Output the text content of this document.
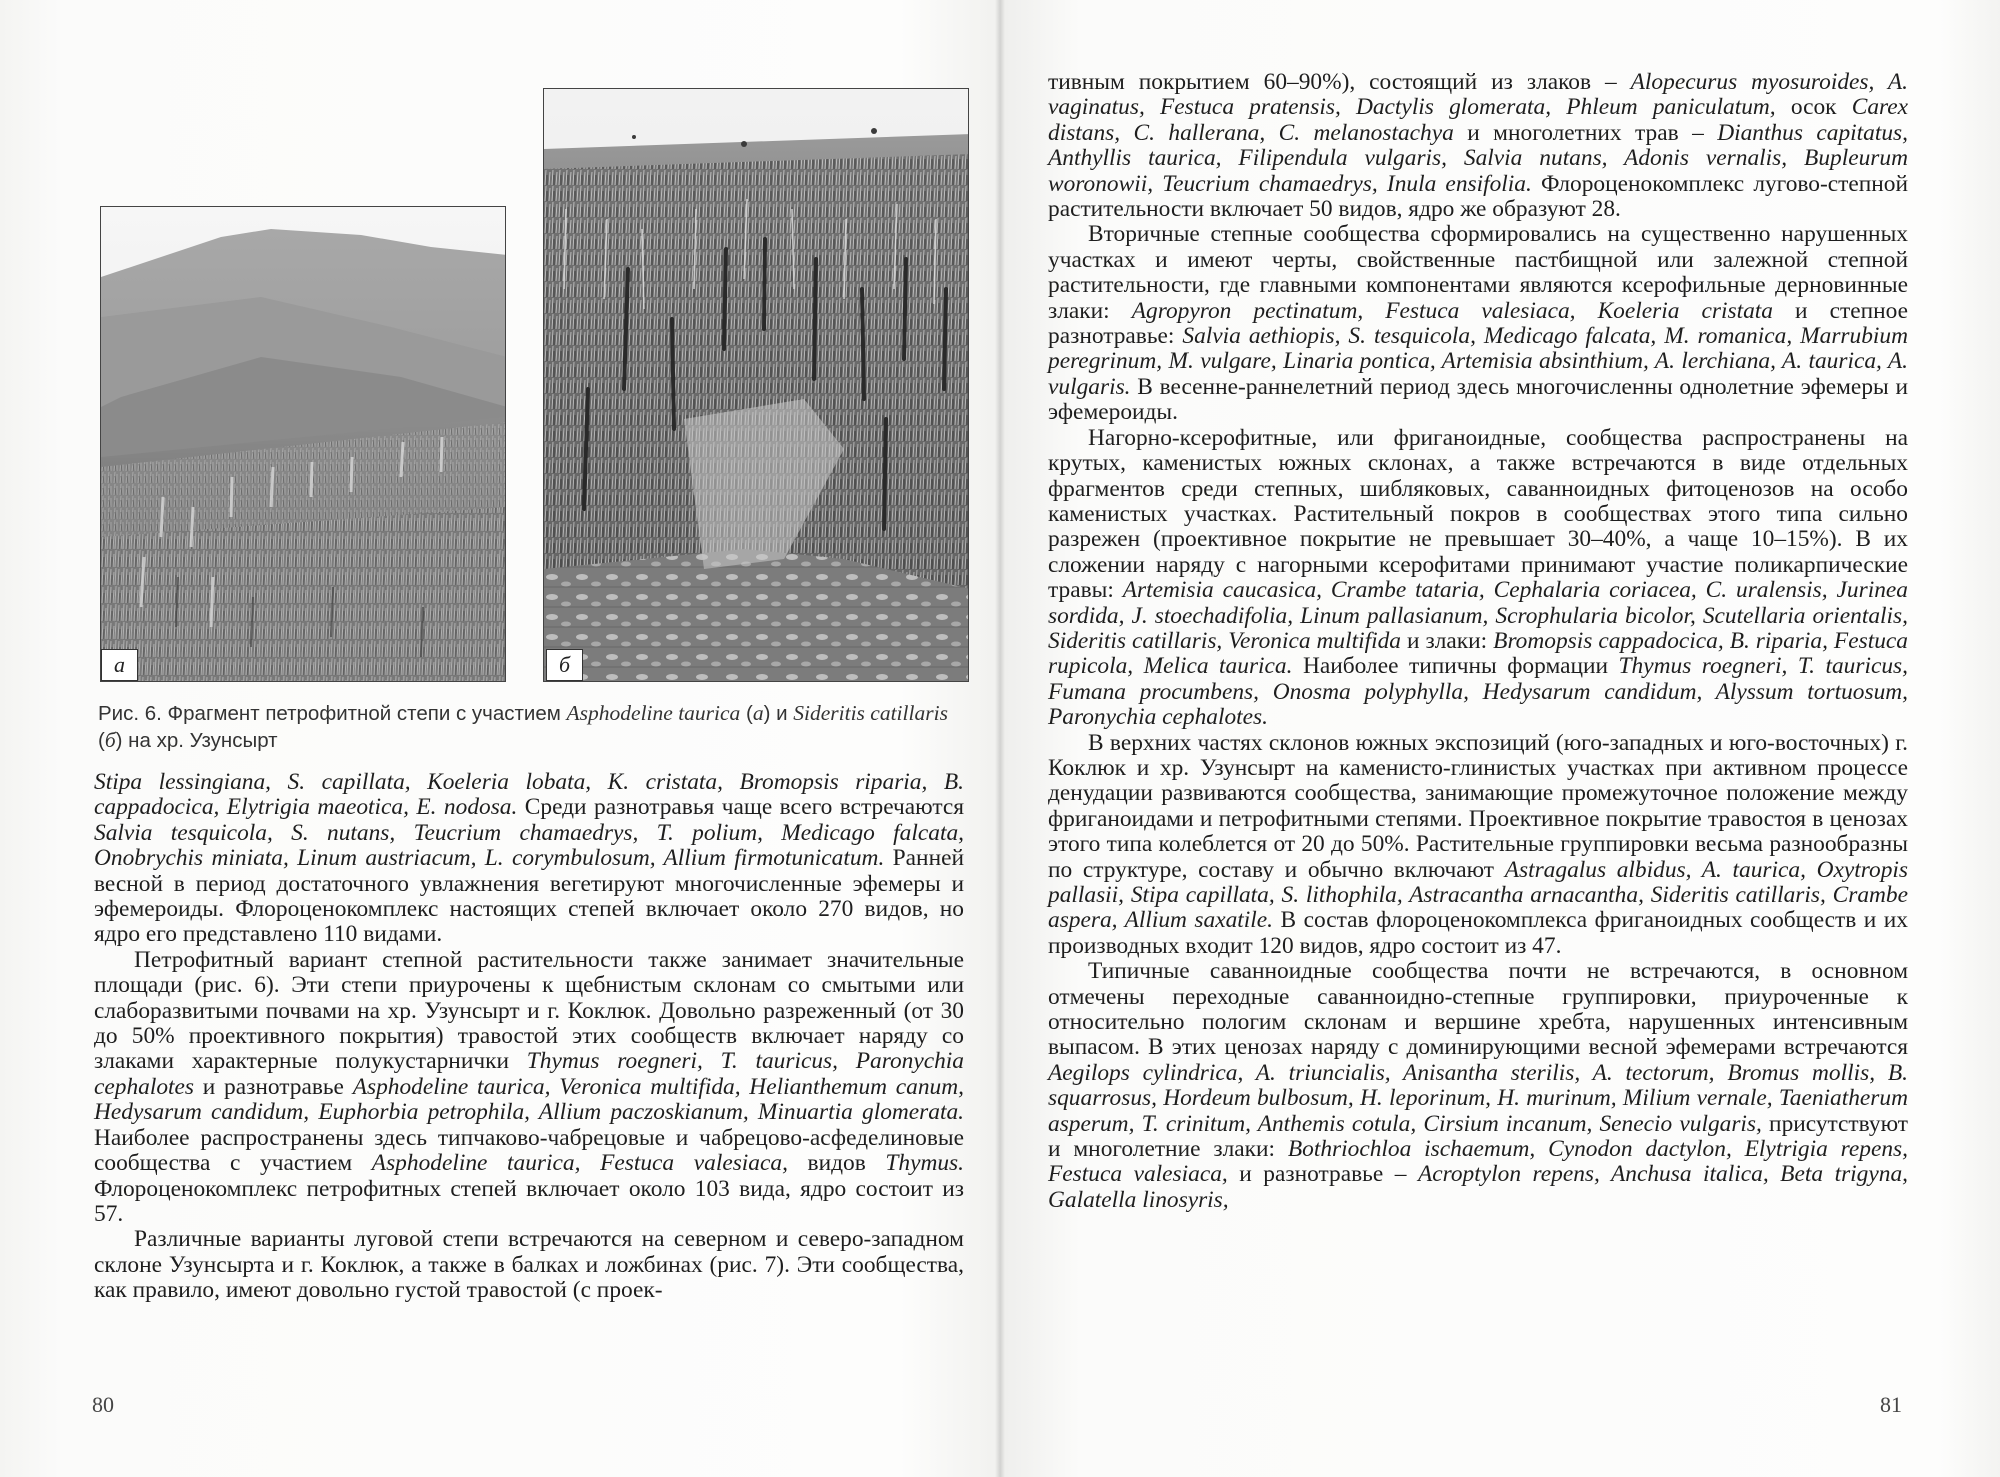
а	б
Рис. 6. Фрагмент петрофитной степи с участием Asphodeline taurica (а) и Sideritis catillaris (б) на хр. Узунсырт

Stipa lessingiana, S. capillata, Koeleria lobata, K. cristata, Bromopsis riparia, B. cappadocica, Elytrigia maeotica, E. nodosa. Среди разнотравья чаще всего встречаются Salvia tesquicola, S. nutans, Teucrium chamaedrys, T. polium, Medicago falcata, Onobrychis miniata, Linum austriacum, L. corymbulosum, Allium firmotunicatum. Ранней весной в период достаточного увлажнения вегетируют многочисленные эфемеры и эфемероиды. Флороценокомплекс настоящих степей включает около 270 видов, но ядро его представлено 110 видами.

Петрофитный вариант степной растительности также занимает значительные площади (рис. 6). Эти степи приурочены к щебнистым склонам со смытыми или слаборазвитыми почвами на хр. Узунсырт и г. Коклюк. Довольно разреженный (от 30 до 50% проективного покрытия) травостой этих сообществ включает наряду со злаками характерные полукустарнички Thymus roegneri, T. tauricus, Paronychia cephalotes и разнотравье Asphodeline taurica, Veronica multifida, Helianthemum canum, Hedysarum candidum, Euphorbia petrophila, Allium paczoskianum, Minuartia glomerata. Наиболее распространены здесь типчаково-чабрецовые и чабрецово-асфеделиновые сообщества с участием Asphodeline taurica, Festuca valesiaca, видов Thymus. Флороценокомплекс петрофитных степей включает около 103 вида, ядро состоит из 57.

Различные варианты луговой степи встречаются на северном и северо-западном склоне Узунсырта и г. Коклюк, а также в балках и ложбинах (рис. 7). Эти сообщества, как правило, имеют довольно густой травостой (с проек-

тивным покрытием 60–90%), состоящий из злаков – Alopecurus myosuroides, A. vaginatus, Festuca pratensis, Dactylis glomerata, Phleum paniculatum, осок Carex distans, C. hallerana, C. melanostachya и многолетних трав – Dianthus capitatus, Anthyllis taurica, Filipendula vulgaris, Salvia nutans, Adonis vernalis, Bupleurum woronowii, Teucrium chamaedrys, Inula ensifolia. Флороценокомплекс лугово-степной растительности включает 50 видов, ядро же образуют 28.

Вторичные степные сообщества сформировались на существенно нарушенных участках и имеют черты, свойственные пастбищной или залежной степной растительности, где главными компонентами являются ксерофильные дерновинные злаки: Agropyron pectinatum, Festuca valesiaca, Koeleria cristata и степное разнотравье: Salvia aethiopis, S. tesquicola, Medicago falcata, M. romanica, Marrubium peregrinum, M. vulgare, Linaria pontica, Artemisia absinthium, A. lerchiana, A. taurica, A. vulgaris. В весенне-раннелетний период здесь многочисленны однолетние эфемеры и эфемероиды.

Нагорно-ксерофитные, или фриганоидные, сообщества распространены на крутых, каменистых южных склонах, а также встречаются в виде отдельных фрагментов среди степных, шибляковых, саванноидных фитоценозов на особо каменистых участках. Растительный покров в сообществах этого типа сильно разрежен (проективное покрытие не превышает 30–40%, а чаще 10–15%). В их сложении наряду с нагорными ксерофитами принимают участие поликарпические травы: Artemisia caucasica, Crambe tataria, Cephalaria coriacea, C. uralensis, Jurinea sordida, J. stoechadifolia, Linum pallasianum, Scrophularia bicolor, Scutellaria orientalis, Sideritis catillaris, Veronica multifida и злаки: Bromopsis cappadocica, B. riparia, Festuca rupicola, Melica taurica. Наиболее типичны формации Thymus roegneri, T. tauricus, Fumana procumbens, Onosma polyphylla, Hedysarum candidum, Alyssum tortuosum, Paronychia cephalotes.

В верхних частях склонов южных экспозиций (юго-западных и юго-восточных) г. Коклюк и хр. Узунсырт на каменисто-глинистых участках при активном процессе денудации развиваются сообщества, занимающие промежуточное положение между фриганоидами и петрофитными степями. Проективное покрытие травостоя в ценозах этого типа колеблется от 20 до 50%. Растительные группировки весьма разнообразны по структуре, составу и обычно включают Astragalus albidus, A. taurica, Oxytropis pallasii, Stipa capillata, S. lithophila, Astracantha arnacantha, Sideritis catillaris, Crambe aspera, Allium saxatile. В состав флороценокомплекса фриганоидных сообществ и их производных входит 120 видов, ядро состоит из 47.

Типичные саванноидные сообщества почти не встречаются, в основном отмечены переходные саванноидно-степные группировки, приуроченные к относительно пологим склонам и вершине хребта, нарушенных интенсивным выпасом. В этих ценозах наряду с доминирующими весной эфемерами встречаются Aegilops cylindrica, A. triuncialis, Anisantha sterilis, A. tectorum, Bromus mollis, B. squarrosus, Hordeum bulbosum, H. leporinum, H. murinum, Milium vernale, Taeniatherum asperum, T. crinitum, Anthemis cotula, Cirsium incanum, Senecio vulgaris, присутствуют и многолетние злаки: Bothriochloa ischaemum, Cynodon dactylon, Elytrigia repens, Festuca valesiaca, и разнотравье – Acroptylon repens, Anchusa italica, Beta trigyna, Galatella linosyris,

80	81
